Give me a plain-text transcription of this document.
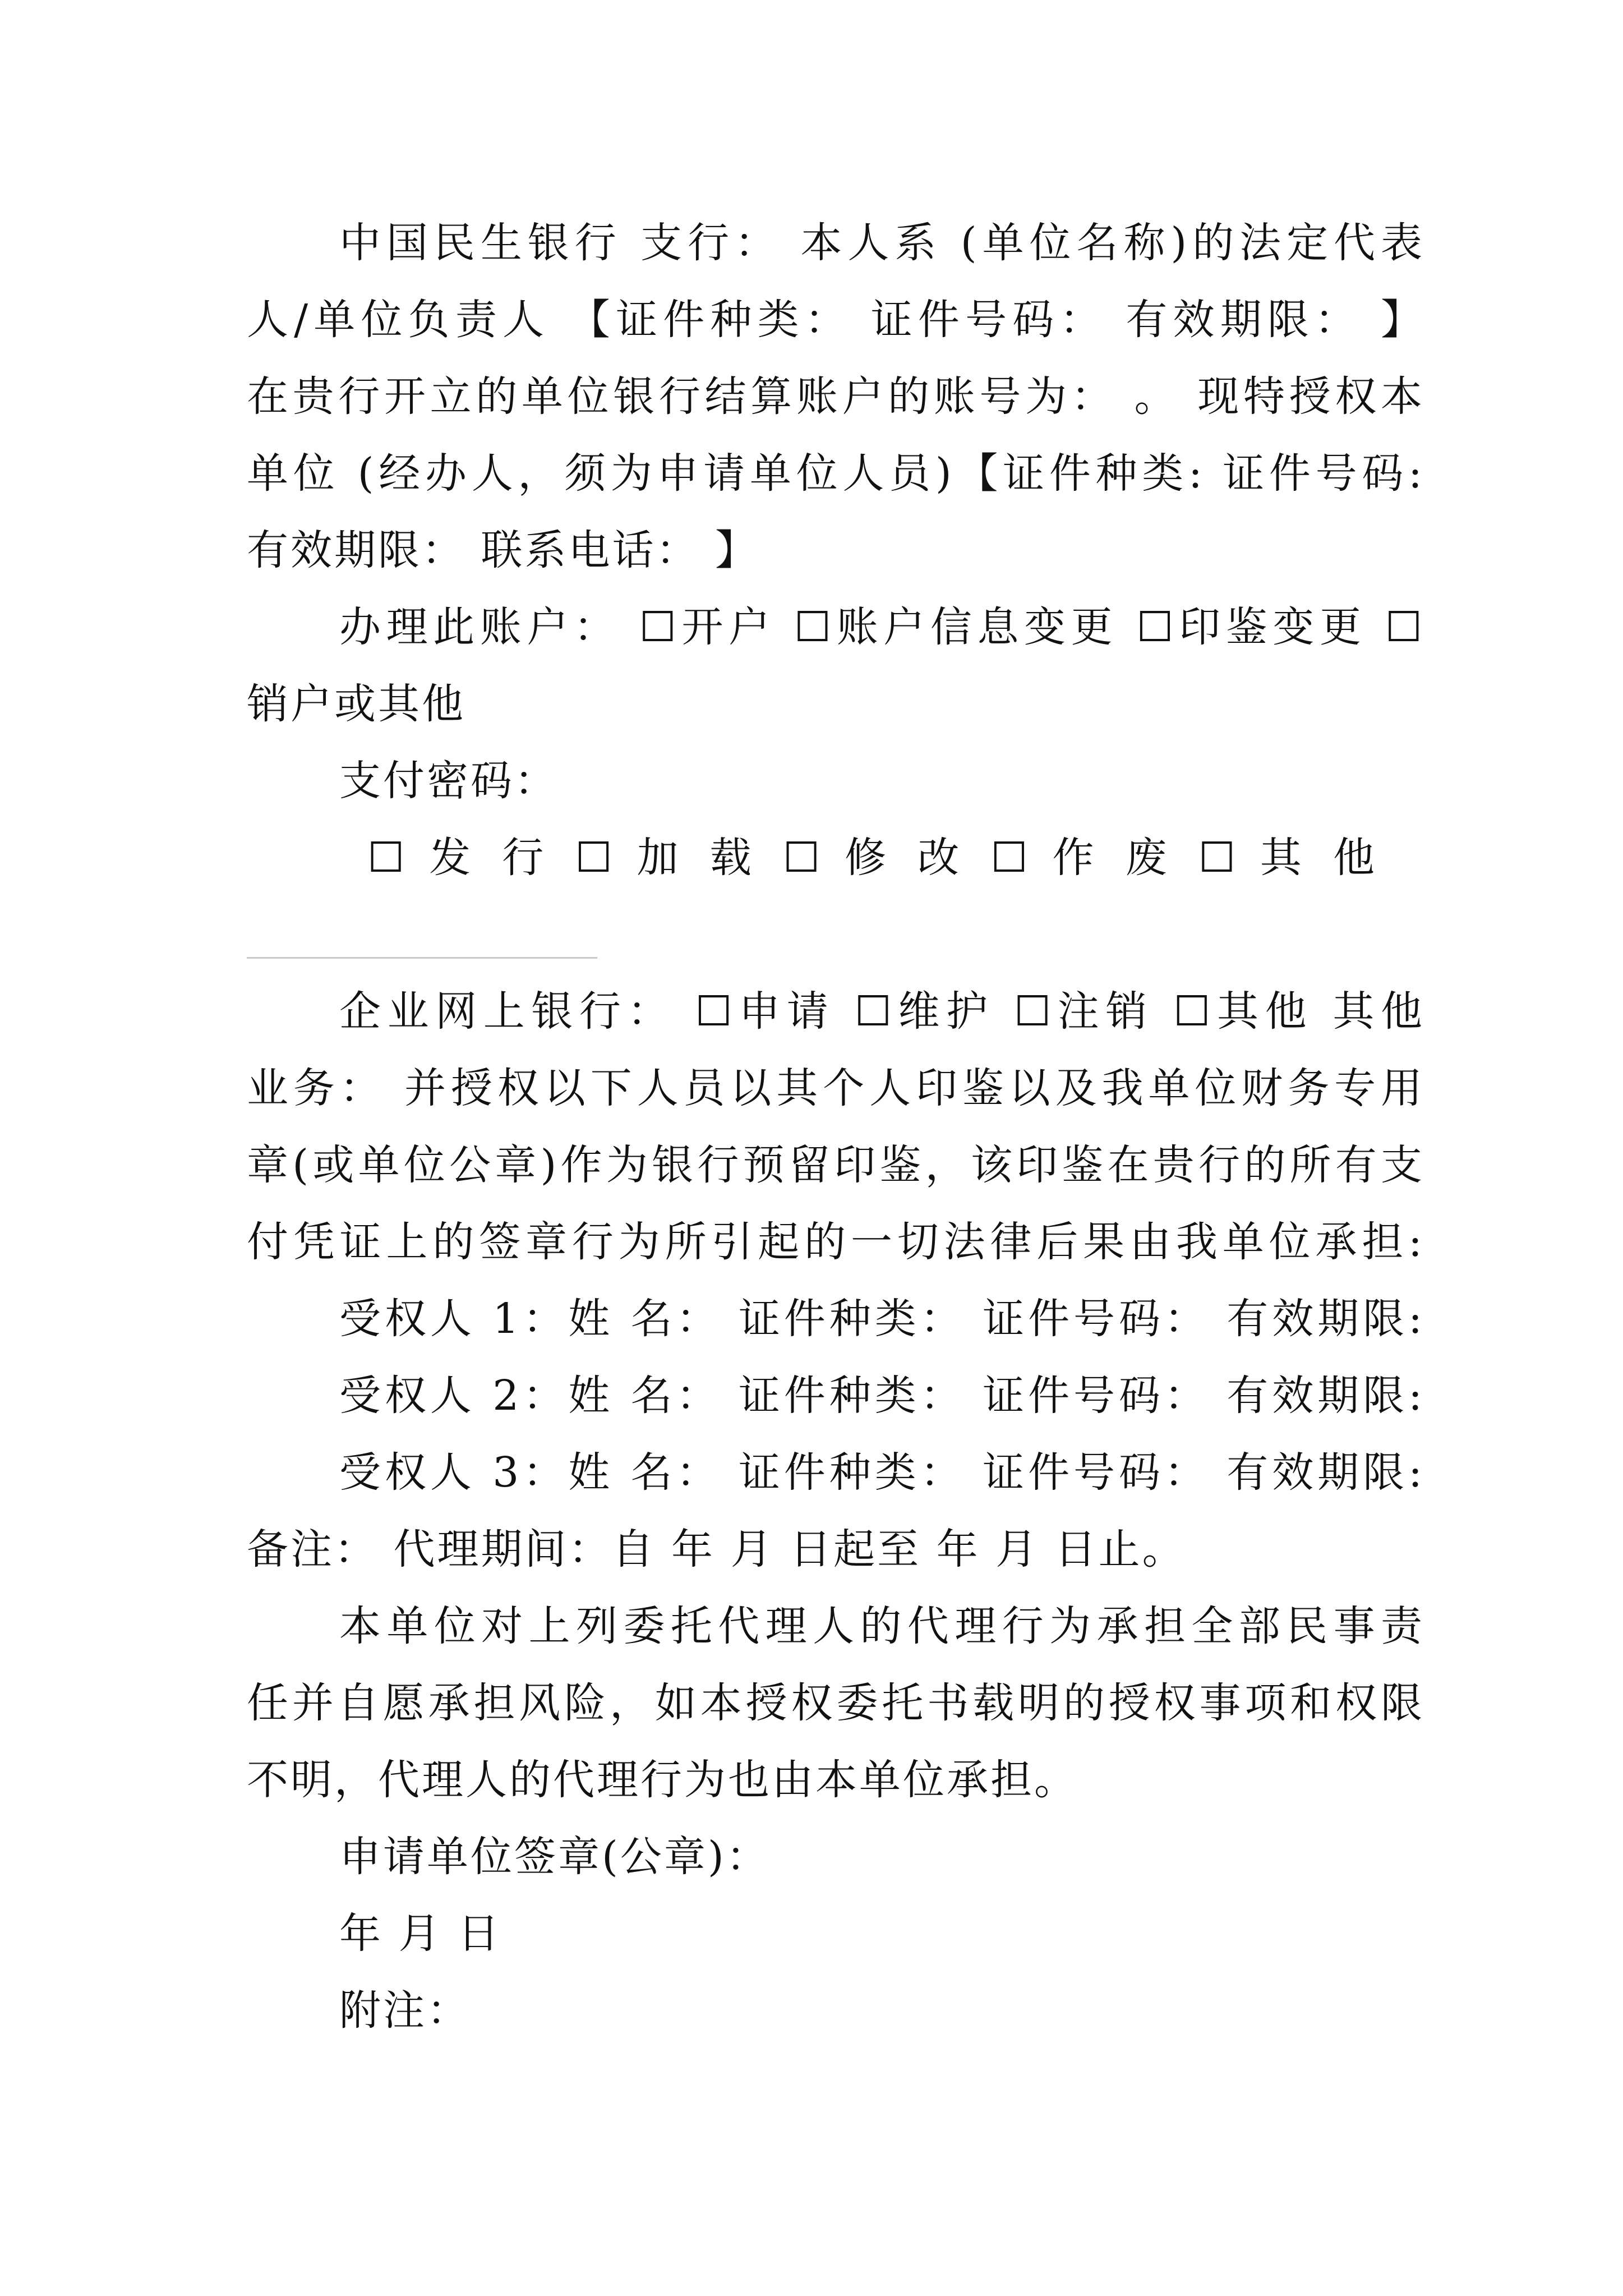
中国民生银行 支行： 本人系 (单位名称)的法定代表
人/单位负责人 【证件种类： 证件号码： 有效期限： 】
在贵行开立的单位银行结算账户的账号为： 。 现特授权本
单位 (经办人，须为申请单位人员)【证件种类: 证件号码:
有效期限： 联系电话： 】
办理此账户： ☐开户 ☐账户信息变更 ☐印鉴变更 ☐
销户或其他
支付密码：
☐ 发 行 ☐ 加 载 ☐ 修 改 ☐ 作 废 ☐ 其 他
企业网上银行： ☐申请 ☐维护 ☐注销 ☐其他 其他
业务： 并授权以下人员以其个人印鉴以及我单位财务专用
章(或单位公章)作为银行预留印鉴，该印鉴在贵行的所有支
付凭证上的签章行为所引起的一切法律后果由我单位承担:
受权人 1：姓 名： 证件种类： 证件号码： 有效期限:
受权人 2：姓 名： 证件种类： 证件号码： 有效期限:
受权人 3：姓 名： 证件种类： 证件号码： 有效期限:
备注： 代理期间：自 年 月 日起至 年 月 日止。
本单位对上列委托代理人的代理行为承担全部民事责
任并自愿承担风险，如本授权委托书载明的授权事项和权限
不明，代理人的代理行为也由本单位承担。
申请单位签章(公章)：
年 月 日
附注：
